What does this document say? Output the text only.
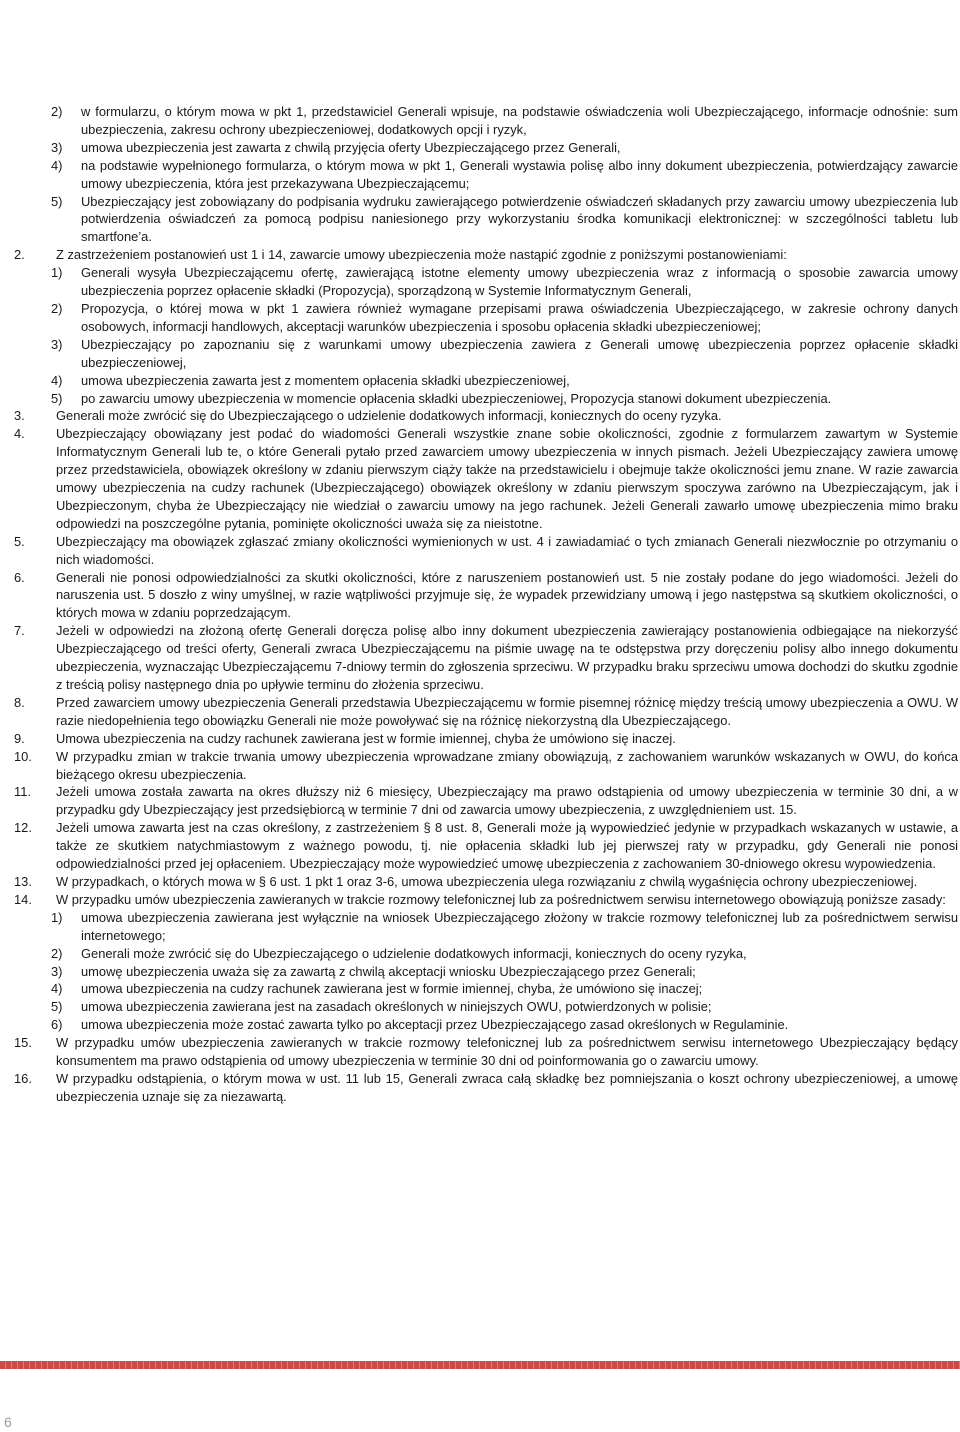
2)	w formularzu, o którym mowa w pkt 1, przedstawiciel Generali wpisuje, na podstawie oświadczenia woli Ubezpieczającego, informacje odnośnie: sum ubezpieczenia, zakresu ochrony ubezpieczeniowej, dodatkowych opcji i ryzyk,
3)	umowa ubezpieczenia jest zawarta z chwilą przyjęcia oferty Ubezpieczającego przez Generali,
4)	na podstawie wypełnionego formularza, o którym mowa w pkt 1, Generali wystawia polisę albo inny dokument ubezpieczenia, potwierdzający zawarcie umowy ubezpieczenia, która jest przekazywana Ubezpieczającemu;
5)	Ubezpieczający jest zobowiązany do podpisania wydruku zawierającego potwierdzenie oświadczeń składanych przy zawarciu umowy ubezpieczenia lub potwierdzenia oświadczeń za pomocą podpisu naniesionego przy wykorzystaniu środka komunikacji elektronicznej: w szczególności tabletu lub smartfone’a.
2.	Z zastrzeżeniem postanowień ust 1 i 14, zawarcie umowy ubezpieczenia może nastąpić zgodnie z poniższymi postanowieniami:
1)	Generali wysyła Ubezpieczającemu ofertę, zawierającą istotne elementy umowy ubezpieczenia wraz z informacją o sposobie zawarcia umowy ubezpieczenia poprzez opłacenie składki (Propozycja), sporządzoną w Systemie Informatycznym Generali,
2)	Propozycja, o której mowa w pkt 1 zawiera również wymagane przepisami prawa oświadczenia Ubezpieczającego, w zakresie ochrony danych osobowych, informacji handlowych, akceptacji warunków ubezpieczenia i sposobu opłacenia składki ubezpieczeniowej;
3)	Ubezpieczający po zapoznaniu się z warunkami umowy ubezpieczenia zawiera z Generali umowę ubezpieczenia poprzez opłacenie składki ubezpieczeniowej,
4)	umowa ubezpieczenia zawarta jest z momentem opłacenia składki ubezpieczeniowej,
5)	po zawarciu umowy ubezpieczenia w momencie opłacenia składki ubezpieczeniowej, Propozycja stanowi dokument ubezpieczenia.
3.	Generali może zwrócić się do Ubezpieczającego o udzielenie dodatkowych informacji, koniecznych do oceny ryzyka.
4.	Ubezpieczający obowiązany jest podać do wiadomości Generali wszystkie znane sobie okoliczności, zgodnie z formularzem zawartym w Systemie Informatycznym Generali lub te, o które Generali pytało przed zawarciem umowy ubezpieczenia w innych pismach. Jeżeli Ubezpieczający zawiera umowę przez przedstawiciela, obowiązek określony w zdaniu pierwszym ciąży także na przedstawicielu i obejmuje także okoliczności jemu znane. W razie zawarcia umowy ubezpieczenia na cudzy rachunek (Ubezpieczającego) obowiązek określony w zdaniu pierwszym spoczywa zarówno na Ubezpieczającym, jak i Ubezpieczonym, chyba że Ubezpieczający nie wiedział o zawarciu umowy na jego rachunek. Jeżeli Generali zawarło umowę ubezpieczenia mimo braku odpowiedzi na poszczególne pytania, pominięte okoliczności uważa się za nieistotne.
5.	Ubezpieczający ma obowiązek zgłaszać zmiany okoliczności wymienionych w ust. 4 i zawiadamiać o tych zmianach Generali niezwłocznie po otrzymaniu o nich wiadomości.
6.	Generali nie ponosi odpowiedzialności za skutki okoliczności, które z naruszeniem postanowień ust. 5 nie zostały podane do jego wiadomości. Jeżeli do naruszenia ust. 5 doszło z winy umyślnej, w razie wątpliwości przyjmuje się, że wypadek przewidziany umową i jego następstwa są skutkiem okoliczności, o których mowa w zdaniu poprzedzającym.
7.	Jeżeli w odpowiedzi na złożoną ofertę Generali doręcza polisę albo inny dokument ubezpieczenia zawierający postanowienia odbiegające na niekorzyść Ubezpieczającego od treści oferty, Generali zwraca Ubezpieczającemu na piśmie uwagę na te odstępstwa przy doręczeniu polisy albo innego dokumentu ubezpieczenia, wyznaczając Ubezpieczającemu 7-dniowy termin do zgłoszenia sprzeciwu. W przypadku braku sprzeciwu umowa dochodzi do skutku zgodnie z treścią polisy następnego dnia po upływie terminu do złożenia sprzeciwu.
8.	Przed zawarciem umowy ubezpieczenia Generali przedstawia Ubezpieczającemu w formie pisemnej różnicę między treścią umowy ubezpieczenia a OWU. W razie niedopełnienia tego obowiązku Generali nie może powoływać się na różnicę niekorzystną dla Ubezpieczającego.
9.	Umowa ubezpieczenia na cudzy rachunek zawierana jest w formie imiennej, chyba że umówiono się inaczej.
10.	W przypadku zmian w trakcie trwania umowy ubezpieczenia wprowadzane zmiany obowiązują, z zachowaniem warunków wskazanych w OWU, do końca bieżącego okresu ubezpieczenia.
11.	Jeżeli umowa została zawarta na okres dłuższy niż 6 miesięcy, Ubezpieczający ma prawo odstąpienia od umowy ubezpieczenia w terminie 30 dni, a w przypadku gdy Ubezpieczający jest przedsiębiorcą w terminie 7 dni od zawarcia umowy ubezpieczenia, z uwzględnieniem ust. 15.
12.	Jeżeli umowa zawarta jest na czas określony, z zastrzeżeniem § 8 ust. 8, Generali może ją wypowiedzieć jedynie w przypadkach wskazanych w ustawie, a także ze skutkiem natychmiastowym z ważnego powodu, tj. nie opłacenia składki lub jej pierwszej raty w przypadku, gdy Generali nie ponosi odpowiedzialności przed jej opłaceniem. Ubezpieczający może wypowiedzieć umowę ubezpieczenia z zachowaniem 30-dniowego okresu wypowiedzenia.
13.	W przypadkach, o których mowa w § 6 ust. 1 pkt 1 oraz 3-6, umowa ubezpieczenia ulega rozwiązaniu z chwilą wygaśnięcia ochrony ubezpieczeniowej.
14.	W przypadku umów ubezpieczenia zawieranych w trakcie rozmowy telefonicznej lub za pośrednictwem serwisu internetowego obowiązują poniższe zasady:
1)	umowa ubezpieczenia zawierana jest wyłącznie na wniosek Ubezpieczającego złożony w trakcie rozmowy telefonicznej lub za pośrednictwem serwisu internetowego;
2)	Generali może zwrócić się do Ubezpieczającego o udzielenie dodatkowych informacji, koniecznych do oceny ryzyka,
3)	umowę ubezpieczenia uważa się za zawartą z chwilą akceptacji wniosku Ubezpieczającego przez Generali;
4)	umowa ubezpieczenia na cudzy rachunek zawierana jest w formie imiennej, chyba, że umówiono się inaczej;
5)	umowa ubezpieczenia zawierana jest na zasadach określonych w niniejszych OWU, potwierdzonych w polisie;
6)	umowa ubezpieczenia może zostać zawarta tylko po akceptacji przez Ubezpieczającego zasad określonych w Regulaminie.
15.	W przypadku umów ubezpieczenia zawieranych w trakcie rozmowy telefonicznej lub za pośrednictwem serwisu internetowego Ubezpieczający będący konsumentem ma prawo odstąpienia od umowy ubezpieczenia w terminie 30 dni od poinformowania go o zawarciu umowy.
16.	W przypadku odstąpienia, o którym mowa w ust. 11 lub 15, Generali zwraca całą składkę bez pomniejszania o koszt ochrony ubezpieczeniowej, a umowę ubezpieczenia uznaje się za niezawartą.
6
